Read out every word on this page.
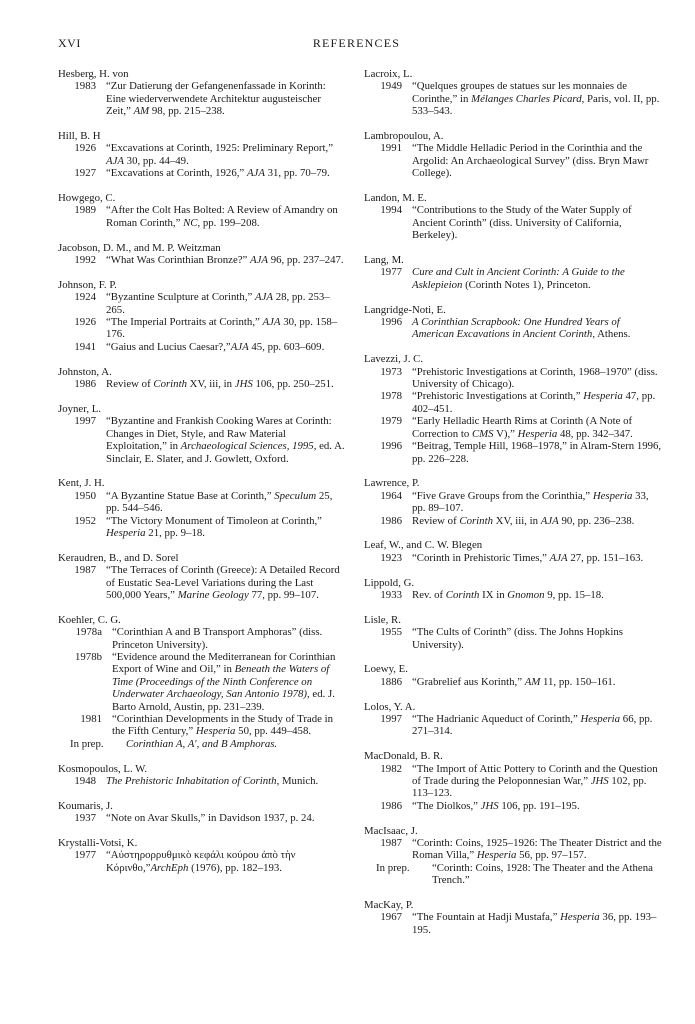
XVI	REFERENCES
Hesberg, H. von
1983 “Zur Datierung der Gefangenenfassade in Korinth: Eine wiederverwendete Architektur augusteischer Zeit,” AM 98, pp. 215–238.
Hill, B. H
1926 “Excavations at Corinth, 1925: Preliminary Report,” AJA 30, pp. 44–49.
1927 “Excavations at Corinth, 1926,” AJA 31, pp. 70–79.
Howgego, C.
1989 “After the Colt Has Bolted: A Review of Amandry on Roman Corinth,” NC, pp. 199–208.
Jacobson, D. M., and M. P. Weitzman
1992 “What Was Corinthian Bronze?” AJA 96, pp. 237–247.
Johnson, F. P.
1924 “Byzantine Sculpture at Corinth,” AJA 28, pp. 253–265.
1926 “The Imperial Portraits at Corinth,” AJA 30, pp. 158–176.
1941 “Gaius and Lucius Caesar?,”AJA 45, pp. 603–609.
Johnston, A.
1986 Review of Corinth XV, iii, in JHS 106, pp. 250–251.
Joyner, L.
1997 “Byzantine and Frankish Cooking Wares at Corinth: Changes in Diet, Style, and Raw Material Exploitation,” in Archaeological Sciences, 1995, ed. A. Sinclair, E. Slater, and J. Gowlett, Oxford.
Kent, J. H.
1950 “A Byzantine Statue Base at Corinth,” Speculum 25, pp. 544–546.
1952 “The Victory Monument of Timoleon at Corinth,” Hesperia 21, pp. 9–18.
Keraudren, B., and D. Sorel
1987 “The Terraces of Corinth (Greece): A Detailed Record of Eustatic Sea-Level Variations during the Last 500,000 Years,” Marine Geology 77, pp. 99–107.
Koehler, C. G.
1978a “Corinthian A and B Transport Amphoras” (diss. Princeton University).
1978b “Evidence around the Mediterranean for Corinthian Export of Wine and Oil,” in Beneath the Waters of Time (Proceedings of the Ninth Conference on Underwater Archaeology, San Antonio 1978), ed. J. Barto Arnold, Austin, pp. 231–239.
1981 “Corinthian Developments in the Study of Trade in the Fifth Century,” Hesperia 50, pp. 449–458.
In prep.	Corinthian A, A′, and B Amphoras.
Kosmopoulos, L. W.
1948 The Prehistoric Inhabitation of Corinth, Munich.
Koumaris, J.
1937 “Note on Avar Skulls,” in Davidson 1937, p. 24.
Krystalli-Votsi, K.
1977 “Αὐστηρορρυθμικὸ κεφάλι κούρου ἀπὸ τὴν Κόρινθο,”ArchEph (1976), pp. 182–193.
Lacroix, L.
1949 “Quelques groupes de statues sur les monnaies de Corinthe,” in Mélanges Charles Picard, Paris, vol. II, pp. 533–543.
Lambropoulou, A.
1991 “The Middle Helladic Period in the Corinthia and the Argolid: An Archaeological Survey” (diss. Bryn Mawr College).
Landon, M. E.
1994 “Contributions to the Study of the Water Supply of Ancient Corinth” (diss. University of California, Berkeley).
Lang, M.
1977 Cure and Cult in Ancient Corinth: A Guide to the Asklepieion (Corinth Notes 1), Princeton.
Langridge-Noti, E.
1996 A Corinthian Scrapbook: One Hundred Years of American Excavations in Ancient Corinth, Athens.
Lavezzi, J. C.
1973 “Prehistoric Investigations at Corinth, 1968–1970” (diss. University of Chicago).
1978 “Prehistoric Investigations at Corinth,” Hesperia 47, pp. 402–451.
1979 “Early Helladic Hearth Rims at Corinth (A Note of Correction to CMS V),” Hesperia 48, pp. 342–347.
1996 “Beitrag, Temple Hill, 1968–1978,” in Alram-Stern 1996, pp. 226–228.
Lawrence, P.
1964 “Five Grave Groups from the Corinthia,” Hesperia 33, pp. 89–107.
1986 Review of Corinth XV, iii, in AJA 90, pp. 236–238.
Leaf, W., and C. W. Blegen
1923 “Corinth in Prehistoric Times,” AJA 27, pp. 151–163.
Lippold, G.
1933 Rev. of Corinth IX in Gnomon 9, pp. 15–18.
Lisle, R.
1955 “The Cults of Corinth” (diss. The Johns Hopkins University).
Loewy, E.
1886 “Grabrelief aus Korinth,” AM 11, pp. 150–161.
Lolos, Y. A.
1997 “The Hadrianic Aqueduct of Corinth,” Hesperia 66, pp. 271–314.
MacDonald, B. R.
1982 “The Import of Attic Pottery to Corinth and the Question of Trade during the Peloponnesian War,” JHS 102, pp. 113–123.
1986 “The Diolkos,” JHS 106, pp. 191–195.
MacIsaac, J.
1987 “Corinth: Coins, 1925–1926: The Theater District and the Roman Villa,” Hesperia 56, pp. 97–157.
In prep.	“Corinth: Coins, 1928: The Theater and the Athena Trench.”
MacKay, P.
1967 “The Fountain at Hadji Mustafa,” Hesperia 36, pp. 193–195.
